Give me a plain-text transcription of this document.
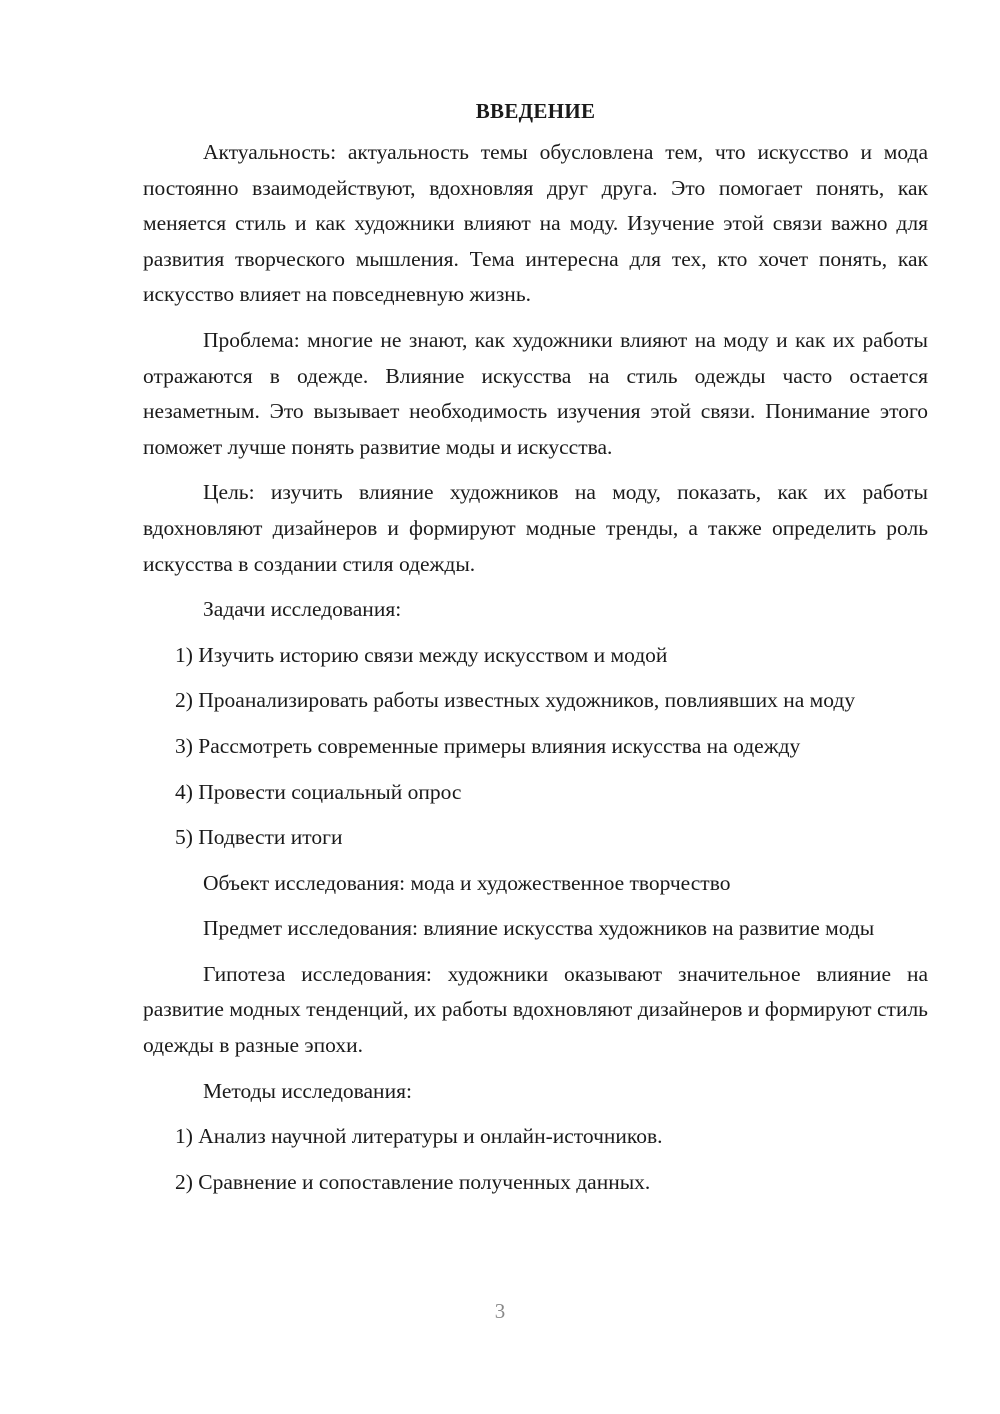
ВВЕДЕНИЕ

Актуальность: актуальность темы обусловлена тем, что искусство и мода постоянно взаимодействуют, вдохновляя друг друга. Это помогает понять, как меняется стиль и как художники влияют на моду. Изучение этой связи важно для развития творческого мышления. Тема интересна для тех, кто хочет понять, как искусство влияет на повседневную жизнь.

Проблема: многие не знают, как художники влияют на моду и как их работы отражаются в одежде. Влияние искусства на стиль одежды часто остается незаметным. Это вызывает необходимость изучения этой связи. Понимание этого поможет лучше понять развитие моды и искусства.

Цель: изучить влияние художников на моду, показать, как их работы вдохновляют дизайнеров и формируют модные тренды, а также определить роль искусства в создании стиля одежды.

Задачи исследования:

1) Изучить историю связи между искусством и модой

2) Проанализировать работы известных художников, повлиявших на моду

3) Рассмотреть современные примеры влияния искусства на одежду

4) Провести социальный опрос

5) Подвести итоги

Объект исследования: мода и художественное творчество

Предмет исследования: влияние искусства художников на развитие моды

Гипотеза исследования: художники оказывают значительное влияние на развитие модных тенденций, их работы вдохновляют дизайнеров и формируют стиль одежды в разные эпохи.

Методы исследования:

1) Анализ научной литературы и онлайн-источников.

2) Сравнение и сопоставление полученных данных.

3
